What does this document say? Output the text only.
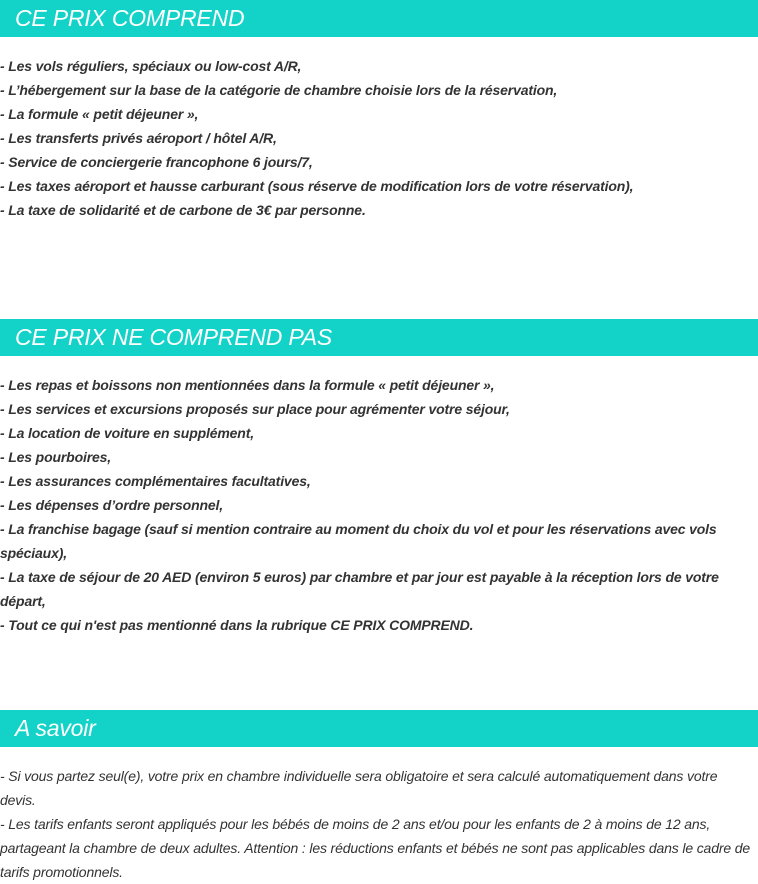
CE PRIX COMPREND
- Les vols réguliers, spéciaux ou low-cost A/R,
- L’hébergement sur la base de la catégorie de chambre choisie lors de la réservation,
- La formule « petit déjeuner »,
- Les transferts privés aéroport / hôtel A/R,
- Service de conciergerie francophone 6 jours/7,
- Les taxes aéroport et hausse carburant (sous réserve de modification lors de votre réservation),
- La taxe de solidarité et de carbone de 3€ par personne.
CE PRIX NE COMPREND PAS
- Les repas et boissons non mentionnées dans la formule « petit déjeuner »,
- Les services et excursions proposés sur place pour agrémenter votre séjour,
- La location de voiture en supplément,
- Les pourboires,
- Les assurances complémentaires facultatives,
- Les dépenses d’ordre personnel,
- La franchise bagage (sauf si mention contraire au moment du choix du vol et pour les réservations avec vols spéciaux),
- La taxe de séjour de 20 AED (environ 5 euros) par chambre et par jour est payable à la réception lors de votre départ,
- Tout ce qui n'est pas mentionné dans la rubrique CE PRIX COMPREND.
A savoir
- Si vous partez seul(e), votre prix en chambre individuelle sera obligatoire et sera calculé automatiquement dans votre devis.
- Les tarifs enfants seront appliqués pour les bébés de moins de 2 ans et/ou pour les enfants de 2 à moins de 12 ans, partageant la chambre de deux adultes. Attention : les réductions enfants et bébés ne sont pas applicables dans le cadre de tarifs promotionnels.
